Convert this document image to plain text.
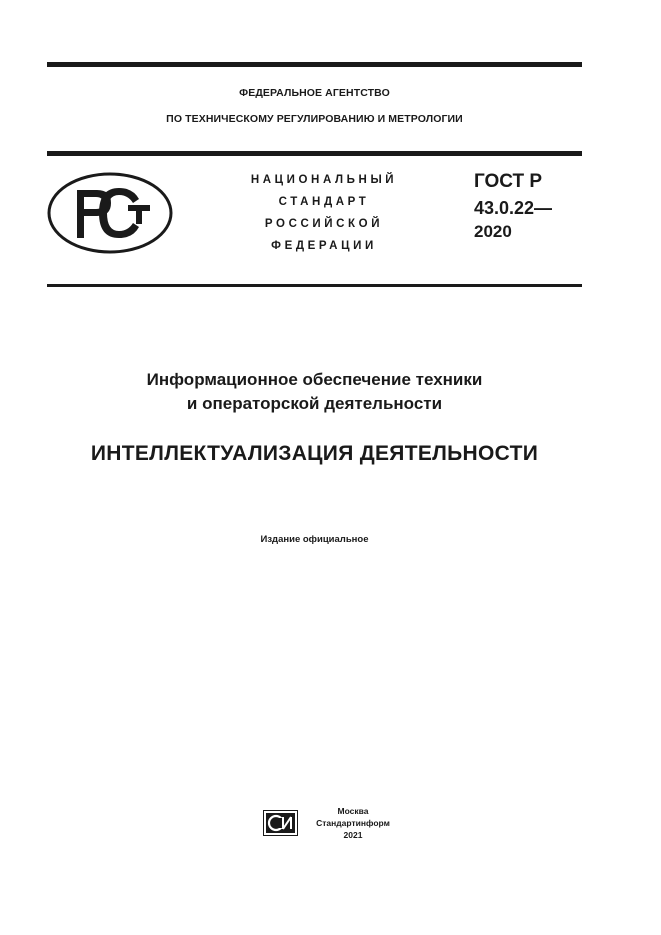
ФЕДЕРАЛЬНОЕ АГЕНТСТВО

ПО ТЕХНИЧЕСКОМУ РЕГУЛИРОВАНИЮ И МЕТРОЛОГИИ

НАЦИОНАЛЬНЫЙ
СТАНДАРТ
РОССИЙСКОЙ
ФЕДЕРАЦИИ
ГОСТ Р
43.0.22—
2020
Информационное обеспечение техники
и операторской деятельности
ИНТЕЛЛЕКТУАЛИЗАЦИЯ ДЕЯТЕЛЬНОСТИ

Издание официальное

Москва
Стандартинформ
2021
